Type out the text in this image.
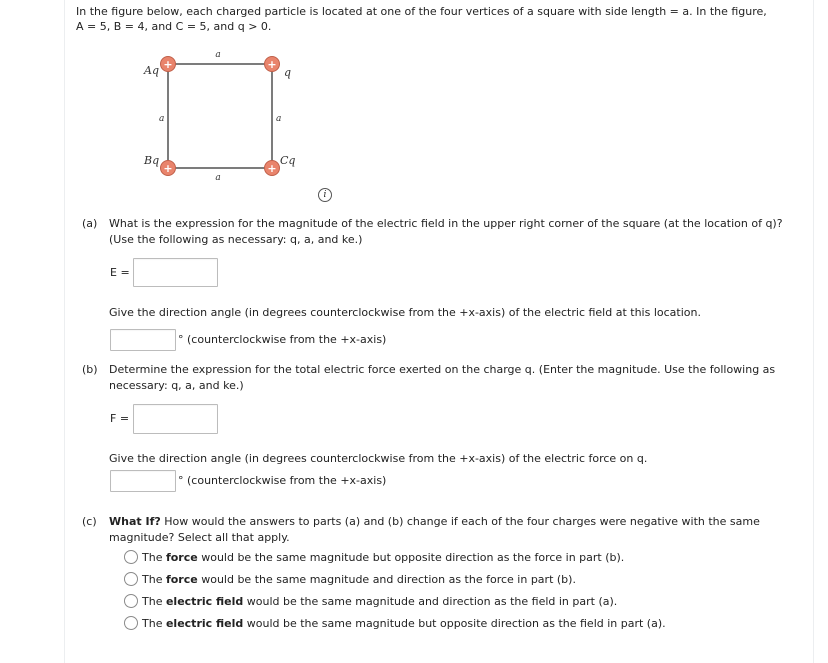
In the figure below, each charged particle is located at one of the four vertices of a square with side length = a. In the figure,
A = 5, B = 4, and C = 5, and q > 0.
+	+
+	+
Aq	q
Bq	Cq
a
a
a	a
i
(a) What is the expression for the magnitude of the electric field in the upper right corner of the square (at the location of q)?
(Use the following as necessary: q, a, and ke.)
E =
Give the direction angle (in degrees counterclockwise from the +x-axis) of the electric field at this location.
° (counterclockwise from the +x-axis)
(b) Determine the expression for the total electric force exerted on the charge q. (Enter the magnitude. Use the following as
necessary: q, a, and ke.)
F =
Give the direction angle (in degrees counterclockwise from the +x-axis) of the electric force on q.
° (counterclockwise from the +x-axis)
(c) What If? How would the answers to parts (a) and (b) change if each of the four charges were negative with the same
magnitude? Select all that apply.
The force would be the same magnitude but opposite direction as the force in part (b).
The force would be the same magnitude and direction as the force in part (b).
The electric field would be the same magnitude and direction as the field in part (a).
The electric field would be the same magnitude but opposite direction as the field in part (a).
